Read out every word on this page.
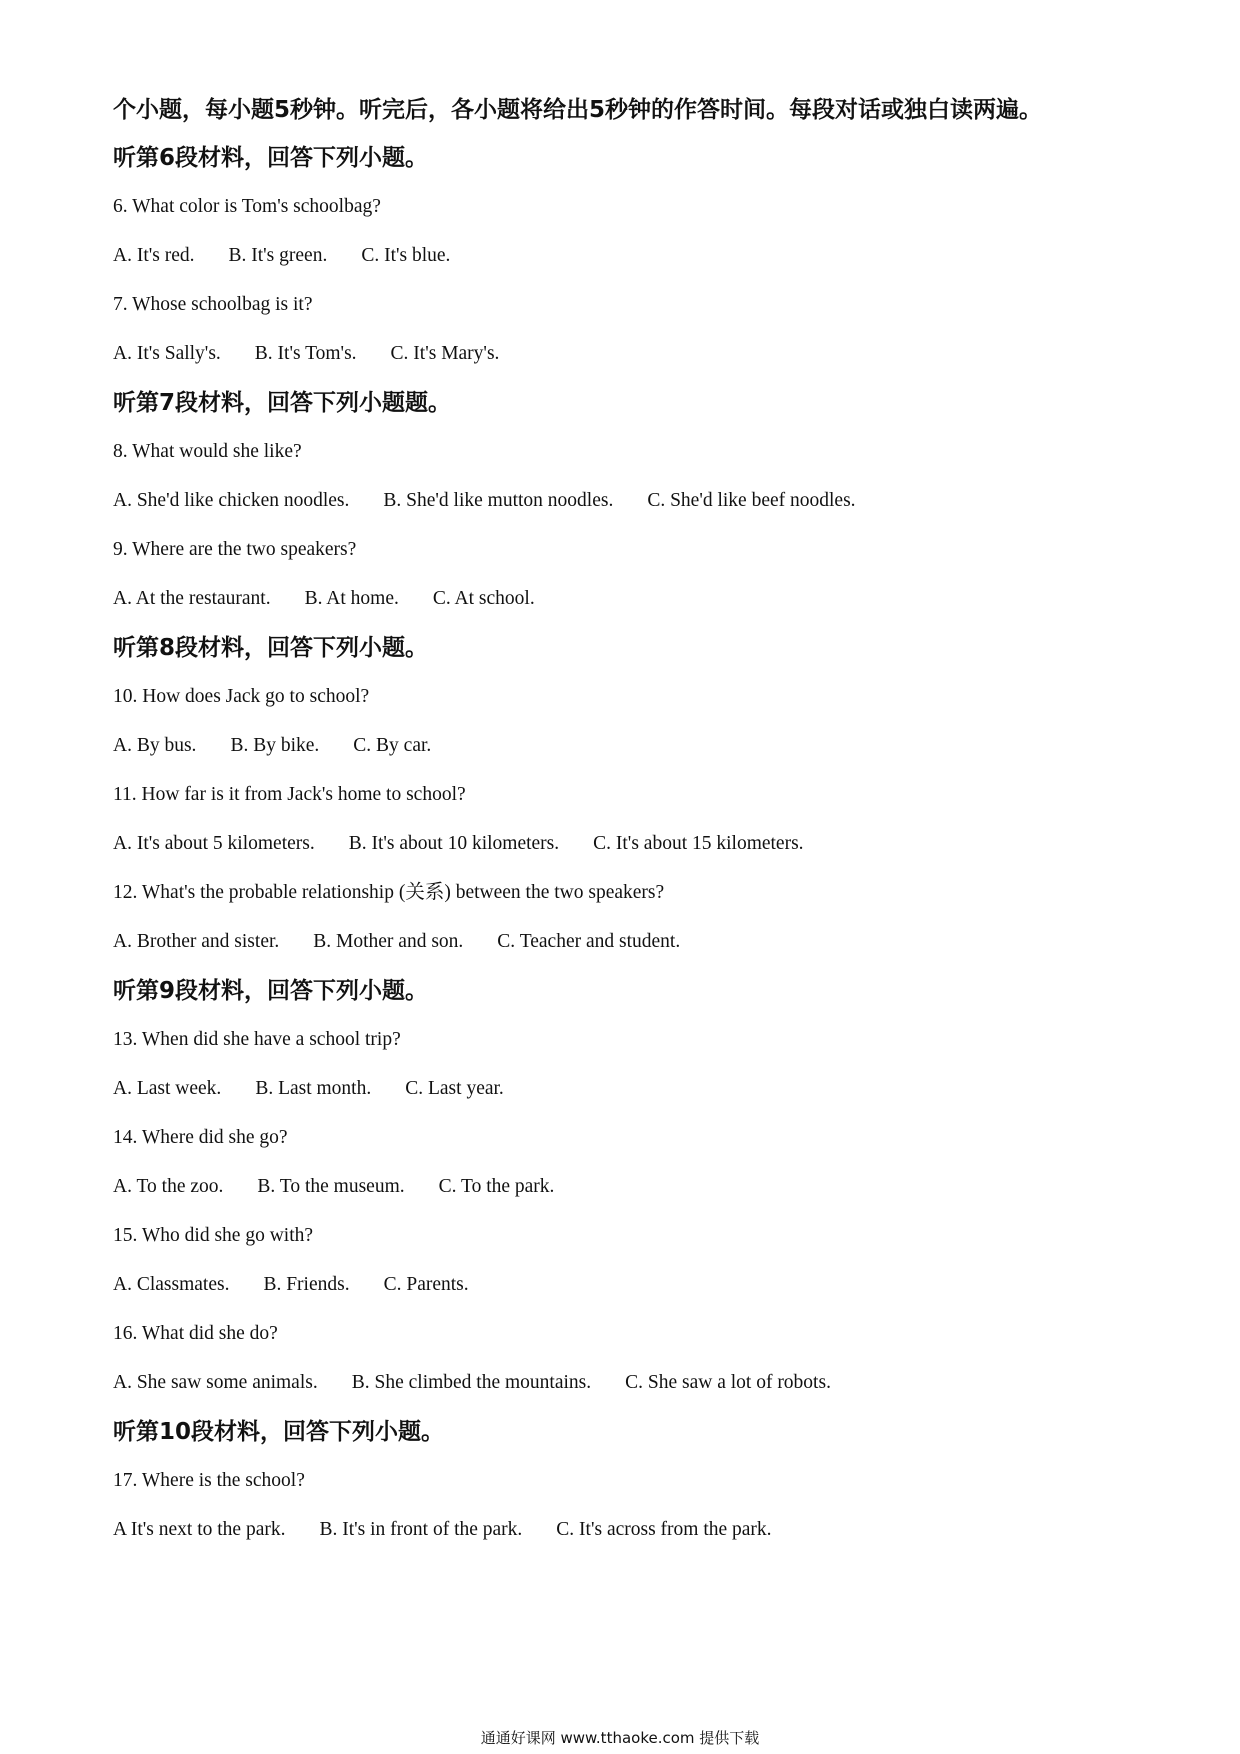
个小题，每小题5秒钟。听完后，各小题将给出5秒钟的作答时间。每段对话或独白读两遍。

听第6段材料，回答下列小题。

6. What color is Tom's schoolbag?

A. It's red. B. It's green. C. It's blue.

7. Whose schoolbag is it?

A. It's Sally's. B. It's Tom's. C. It's Mary's.

听第7段材料，回答下列小题题。

8. What would she like?

A. She'd like chicken noodles. B. She'd like mutton noodles. C. She'd like beef noodles.

9. Where are the two speakers?

A. At the restaurant. B. At home. C. At school.

听第8段材料，回答下列小题。

10. How does Jack go to school?

A. By bus. B. By bike. C. By car.

11. How far is it from Jack's home to school?

A. It's about 5 kilometers. B. It's about 10 kilometers. C. It's about 15 kilometers.

12. What's the probable relationship (关系) between the two speakers?

A. Brother and sister. B. Mother and son. C. Teacher and student.

听第9段材料，回答下列小题。

13. When did she have a school trip?

A. Last week. B. Last month. C. Last year.

14. Where did she go?

A. To the zoo. B. To the museum. C. To the park.

15. Who did she go with?

A. Classmates. B. Friends. C. Parents.

16. What did she do?

A. She saw some animals. B. She climbed the mountains. C. She saw a lot of robots.

听第10段材料，回答下列小题。

17. Where is the school?

A It's next to the park. B. It's in front of the park. C. It's across from the park.

通通好课网 www.tthaoke.com 提供下载
